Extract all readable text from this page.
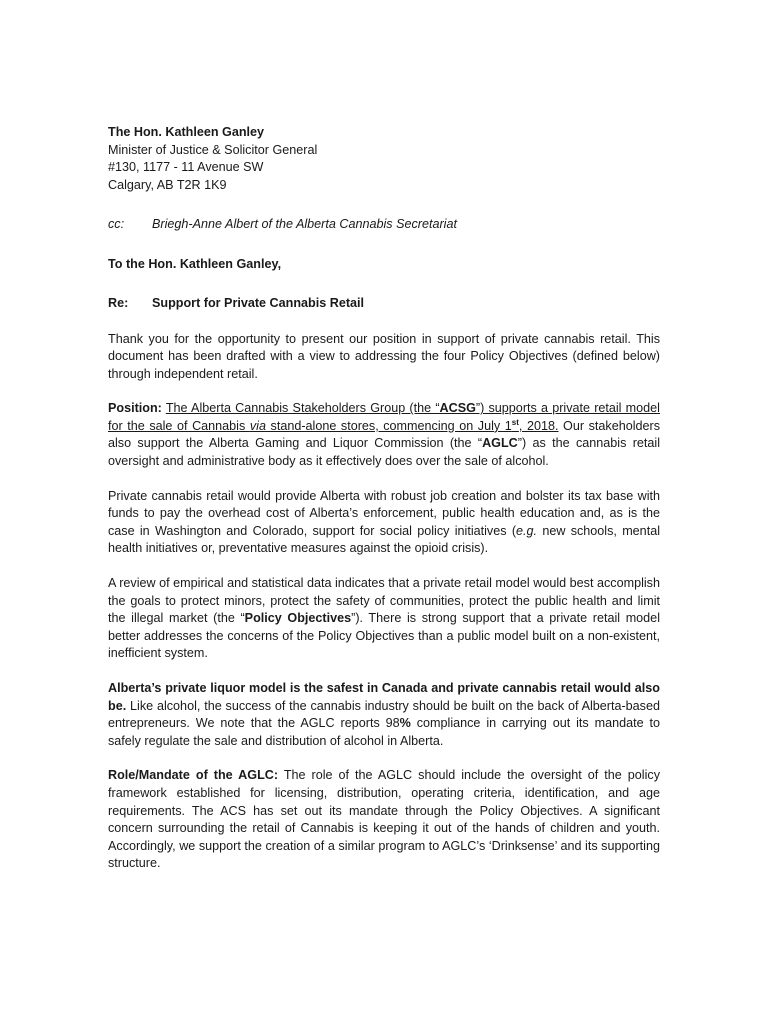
The Hon. Kathleen Ganley
Minister of Justice & Solicitor General
#130, 1177 - 11 Avenue SW
Calgary, AB T2R 1K9
cc: Briegh-Anne Albert of the Alberta Cannabis Secretariat
To the Hon. Kathleen Ganley,
Re: Support for Private Cannabis Retail

Thank you for the opportunity to present our position in support of private cannabis retail. This document has been drafted with a view to addressing the four Policy Objectives (defined below) through independent retail.

Position: The Alberta Cannabis Stakeholders Group (the “ACSG”) supports a private retail model for the sale of Cannabis via stand-alone stores, commencing on July 1st, 2018. Our stakeholders also support the Alberta Gaming and Liquor Commission (the “AGLC”) as the cannabis retail oversight and administrative body as it effectively does over the sale of alcohol.

Private cannabis retail would provide Alberta with robust job creation and bolster its tax base with funds to pay the overhead cost of Alberta’s enforcement, public health education and, as is the case in Washington and Colorado, support for social policy initiatives (e.g. new schools, mental health initiatives or, preventative measures against the opioid crisis).

A review of empirical and statistical data indicates that a private retail model would best accomplish the goals to protect minors, protect the safety of communities, protect the public health and limit the illegal market (the “Policy Objectives”). There is strong support that a private retail model better addresses the concerns of the Policy Objectives than a public model built on a non-existent, inefficient system.

Alberta’s private liquor model is the safest in Canada and private cannabis retail would also be. Like alcohol, the success of the cannabis industry should be built on the back of Alberta-based entrepreneurs. We note that the AGLC reports 98% compliance in carrying out its mandate to safely regulate the sale and distribution of alcohol in Alberta.

Role/Mandate of the AGLC: The role of the AGLC should include the oversight of the policy framework established for licensing, distribution, operating criteria, identification, and age requirements. The ACS has set out its mandate through the Policy Objectives. A significant concern surrounding the retail of Cannabis is keeping it out of the hands of children and youth. Accordingly, we support the creation of a similar program to AGLC’s ‘Drinksense’ and its supporting structure.
